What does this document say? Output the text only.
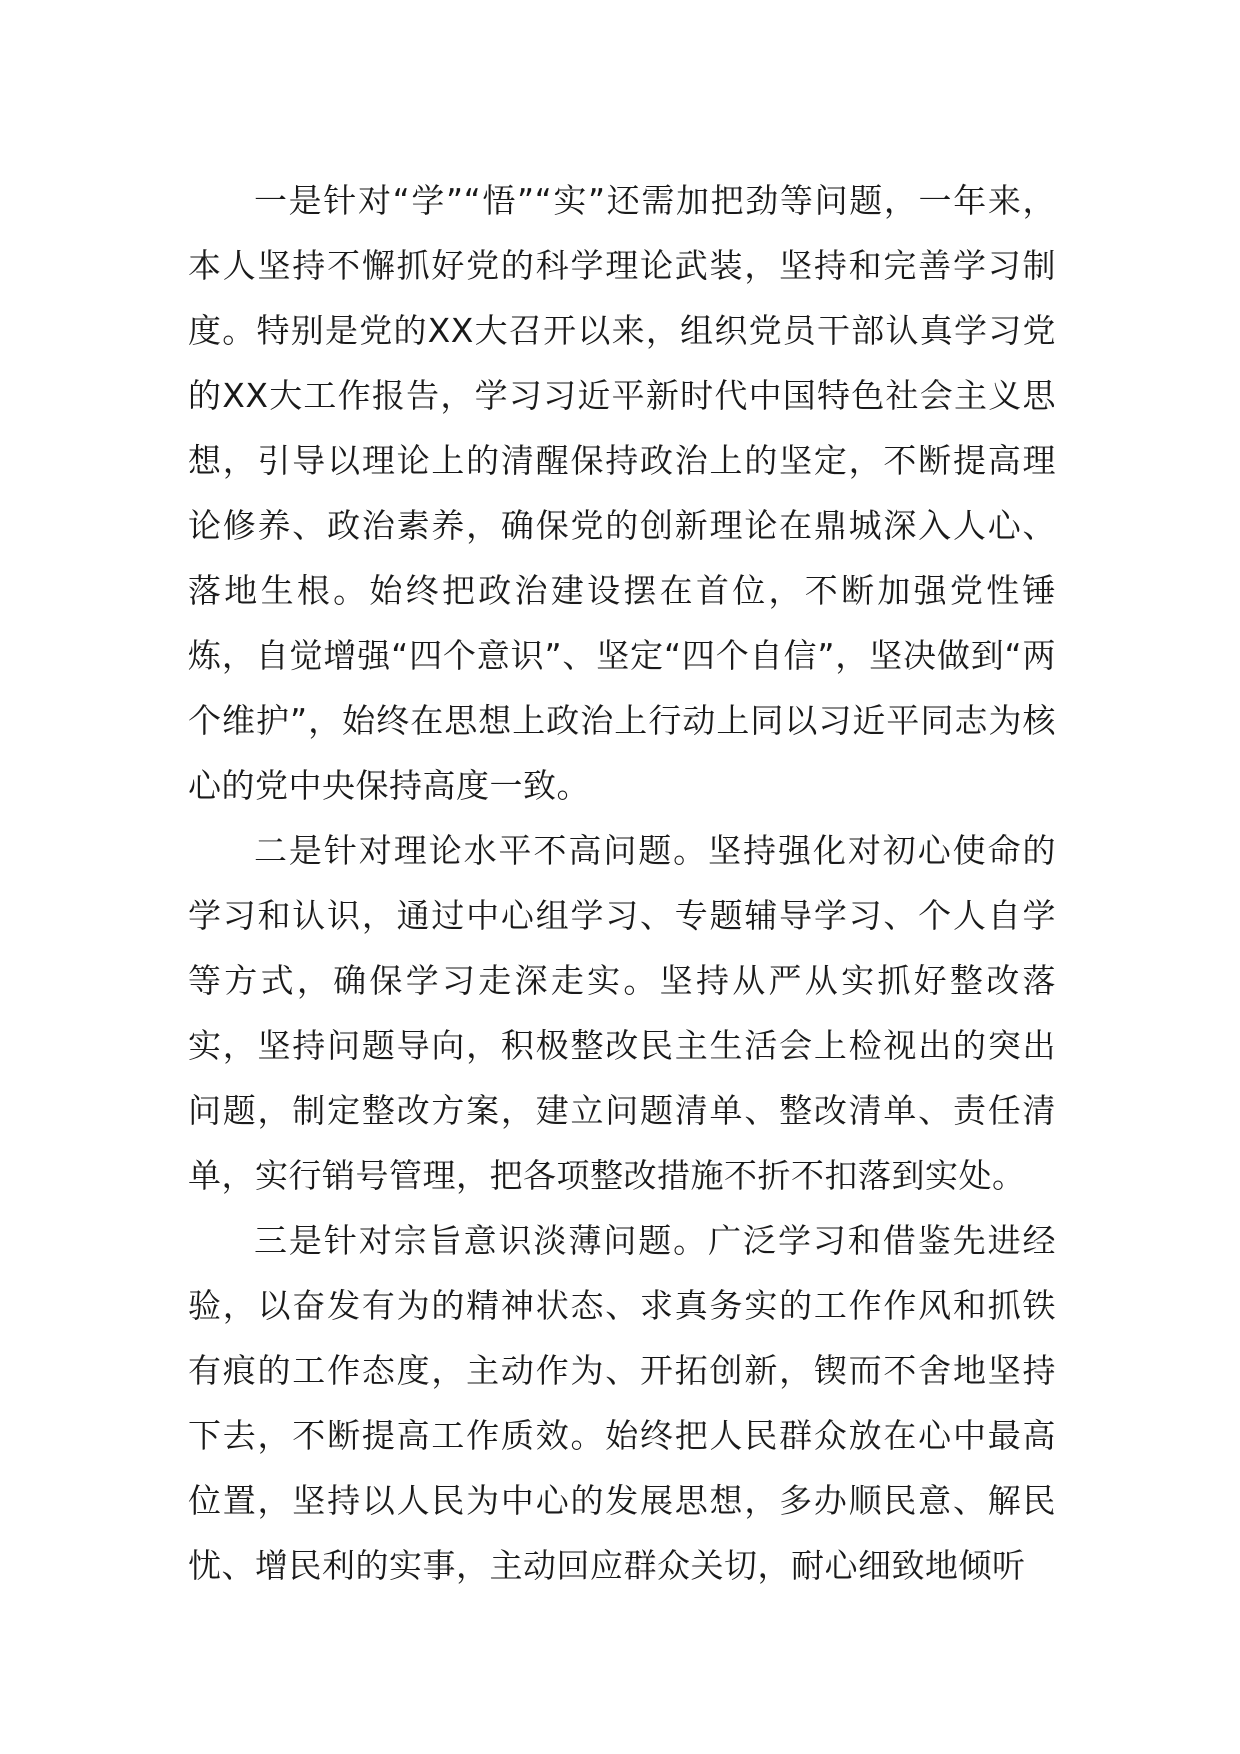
一是针对“学”“悟”“实”还需加把劲等问题，一年来，本人坚持不懈抓好党的科学理论武装，坚持和完善学习制度。特别是党的XX大召开以来，组织党员干部认真学习党的XX大工作报告，学习习近平新时代中国特色社会主义思想，引导以理论上的清醒保持政治上的坚定，不断提高理论修养、政治素养，确保党的创新理论在鼎城深入人心、落地生根。始终把政治建设摆在首位，不断加强党性锤炼，自觉增强“四个意识”、坚定“四个自信”，坚决做到“两个维护”，始终在思想上政治上行动上同以习近平同志为核心的党中央保持高度一致。

二是针对理论水平不高问题。坚持强化对初心使命的学习和认识，通过中心组学习、专题辅导学习、个人自学等方式，确保学习走深走实。坚持从严从实抓好整改落实，坚持问题导向，积极整改民主生活会上检视出的突出问题，制定整改方案，建立问题清单、整改清单、责任清单，实行销号管理，把各项整改措施不折不扣落到实处。

三是针对宗旨意识淡薄问题。广泛学习和借鉴先进经验，以奋发有为的精神状态、求真务实的工作作风和抓铁有痕的工作态度，主动作为、开拓创新，锲而不舍地坚持下去，不断提高工作质效。始终把人民群众放在心中最高位置，坚持以人民为中心的发展思想，多办顺民意、解民忧、增民利的实事，主动回应群众关切，耐心细致地倾听
